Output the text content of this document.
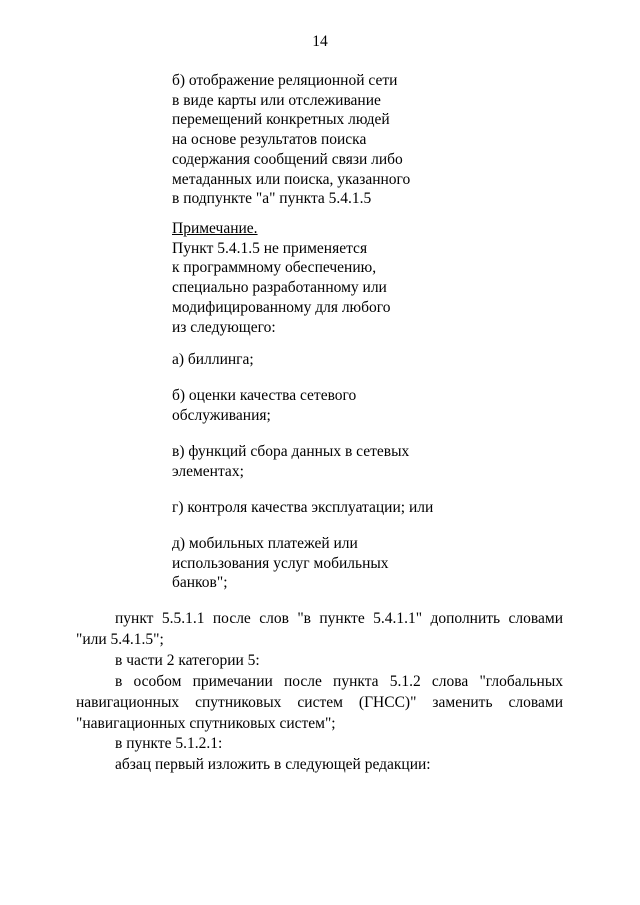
14
б) отображение реляционной сети
в виде карты или отслеживание
перемещений конкретных людей
на основе результатов поиска
содержания сообщений связи либо
метаданных или поиска, указанного
в подпункте "а" пункта 5.4.1.5
Примечание.
Пункт 5.4.1.5 не применяется
к программному обеспечению,
специально разработанному или
модифицированному для любого
из следующего:
а) биллинга;
б) оценки качества сетевого
обслуживания;
в) функций сбора данных в сетевых
элементах;
г) контроля качества эксплуатации; или
д) мобильных платежей или
использования услуг мобильных
банков";
пункт 5.5.1.1 после слов "в пункте 5.4.1.1" дополнить словами
"или 5.4.1.5";
в части 2 категории 5:
в особом примечании после пункта 5.1.2 слова "глобальных
навигационных спутниковых систем (ГНСС)" заменить словами
"навигационных спутниковых систем";
в пункте 5.1.2.1:
абзац первый изложить в следующей редакции:
